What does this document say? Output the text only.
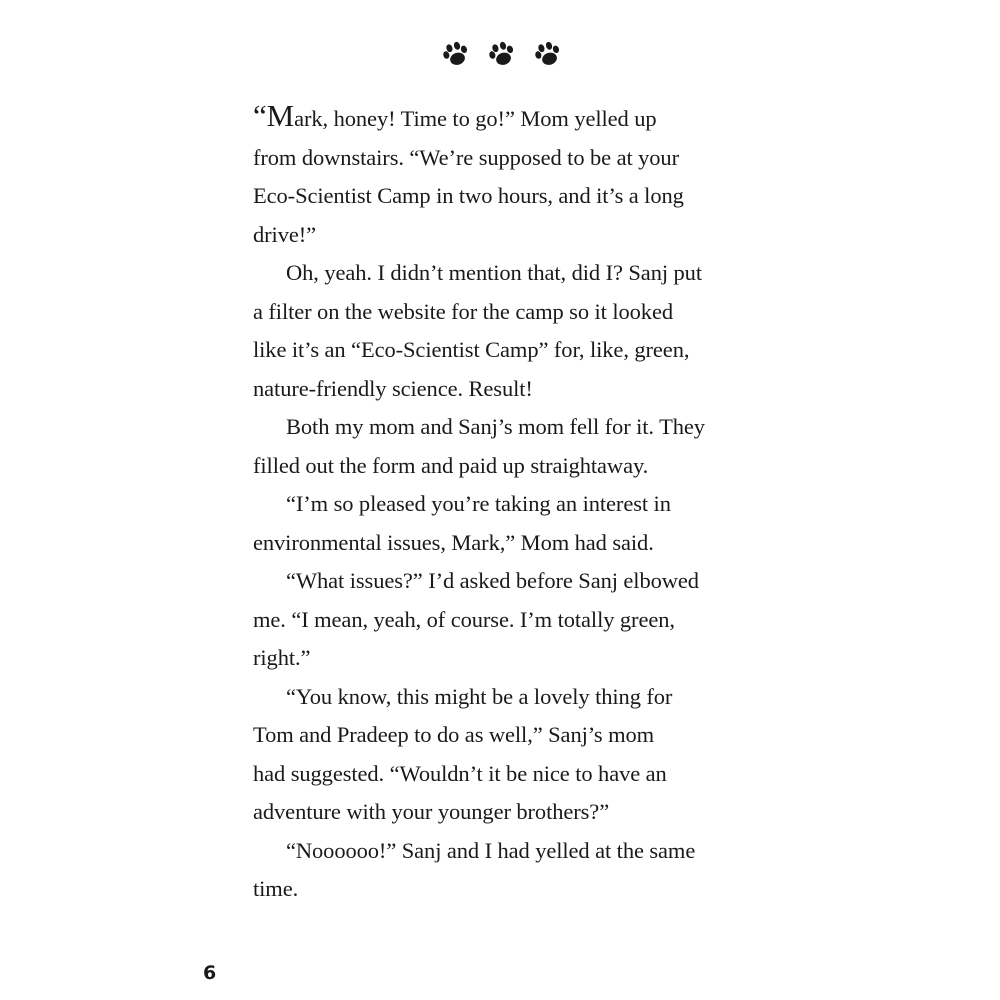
“Mark, honey! Time to go!” Mom yelled up
from downstairs. “We’re supposed to be at your
Eco-Scientist Camp in two hours, and it’s a long
drive!”

Oh, yeah. I didn’t mention that, did I? Sanj put
a filter on the website for the camp so it looked
like it’s an “Eco-Scientist Camp” for, like, green,
nature-friendly science. Result!

Both my mom and Sanj’s mom fell for it. They
filled out the form and paid up straightaway.

“I’m so pleased you’re taking an interest in
environmental issues, Mark,” Mom had said.

“What issues?” I’d asked before Sanj elbowed
me. “I mean, yeah, of course. I’m totally green,
right.”

“You know, this might be a lovely thing for
Tom and Pradeep to do as well,” Sanj’s mom
had suggested. “Wouldn’t it be nice to have an
adventure with your younger brothers?”

“Noooooo!” Sanj and I had yelled at the same
time.

6
